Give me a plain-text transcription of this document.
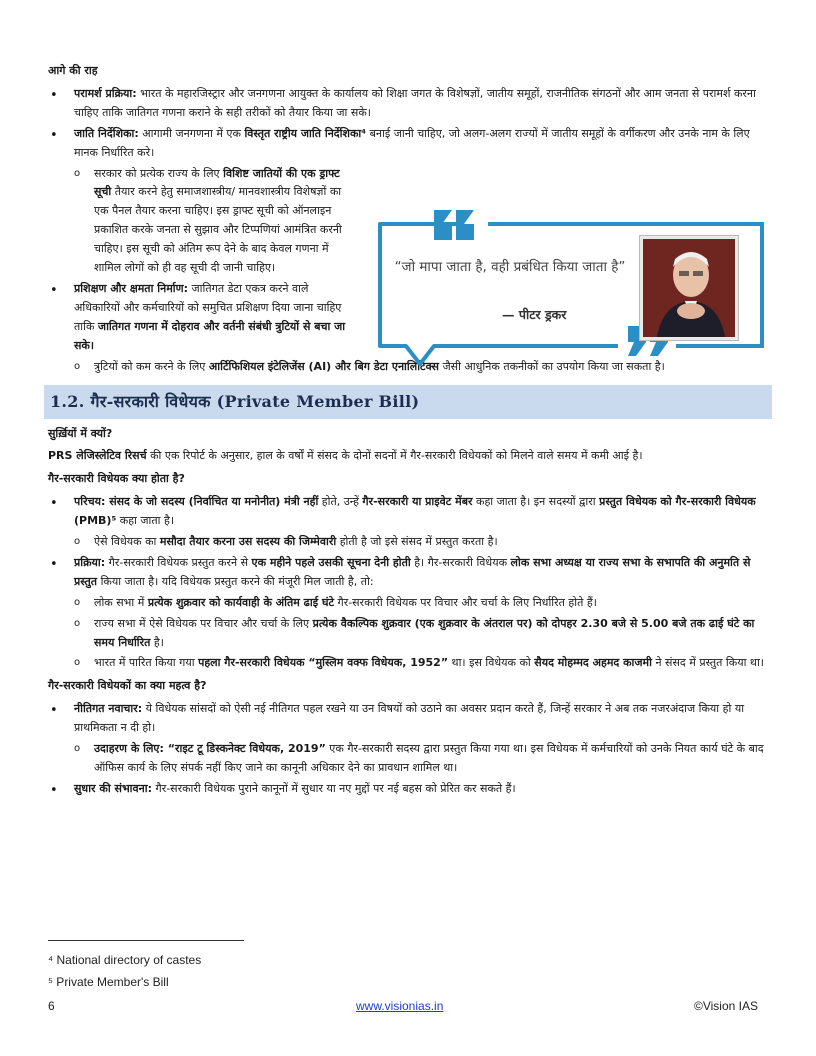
आगे की राह
• परामर्श प्रक्रिया: भारत के महारजिस्ट्रार और जनगणना आयुक्त के कार्यालय को शिक्षा जगत के विशेषज्ञों, जातीय समूहों, राजनीतिक संगठनों और आम जनता से परामर्श करना चाहिए ताकि जातिगत गणना कराने के सही तरीकों को तैयार किया जा सके।
• जाति निर्देशिका: आगामी जनगणना में एक विस्तृत राष्ट्रीय जाति निर्देशिका⁴ बनाई जानी चाहिए, जो अलग-अलग राज्यों में जातीय समूहों के वर्गीकरण और उनके नाम के लिए मानक निर्धारित करे।
o सरकार को प्रत्येक राज्य के लिए विशिष्ट जातियों की एक ड्राफ्ट सूची तैयार करने हेतु समाजशास्त्रीय/ मानवशास्त्रीय विशेषज्ञों का एक पैनल तैयार करना चाहिए। इस ड्राफ्ट सूची को ऑनलाइन प्रकाशित करके जनता से सुझाव और टिप्पणियां आमंत्रित करनी चाहिए। इस सूची को अंतिम रूप देने के बाद केवल गणना में शामिल लोगों को ही वह सूची दी जानी चाहिए।
• प्रशिक्षण और क्षमता निर्माण: जातिगत डेटा एकत्र करने वाले अधिकारियों और कर्मचारियों को समुचित प्रशिक्षण दिया जाना चाहिए ताकि जातिगत गणना में दोहराव और वर्तनी संबंधी त्रुटियों से बचा जा सके।
o त्रुटियों को कम करने के लिए आर्टिफिशियल इंटेलिजेंस (AI) और बिग डेटा एनालिटिक्स जैसी आधुनिक तकनीकों का उपयोग किया जा सकता है।
1.2. गैर-सरकारी विधेयक (Private Member Bill)
सुर्ख़ियों में क्यों?
PRS लेजिस्लेटिव रिसर्च की एक रिपोर्ट के अनुसार, हाल के वर्षों में संसद के दोनों सदनों में गैर-सरकारी विधेयकों को मिलने वाले समय में कमी आई है।
गैर-सरकारी विधेयक क्या होता है?
• परिचय: संसद के जो सदस्य (निर्वाचित या मनोनीत) मंत्री नहीं होते, उन्हें गैर-सरकारी या प्राइवेट मेंबर कहा जाता है। इन सदस्यों द्वारा प्रस्तुत विधेयक को गैर-सरकारी विधेयक (PMB)⁵ कहा जाता है।
o ऐसे विधेयक का मसौदा तैयार करना उस सदस्य की जिम्मेवारी होती है जो इसे संसद में प्रस्तुत करता है।
• प्रक्रिया: गैर-सरकारी विधेयक प्रस्तुत करने से एक महीने पहले उसकी सूचना देनी होती है। गैर-सरकारी विधेयक लोक सभा अध्यक्ष या राज्य सभा के सभापति की अनुमति से प्रस्तुत किया जाता है। यदि विधेयक प्रस्तुत करने की मंजूरी मिल जाती है, तो:
o लोक सभा में प्रत्येक शुक्रवार को कार्यवाही के अंतिम ढाई घंटे गैर-सरकारी विधेयक पर विचार और चर्चा के लिए निर्धारित होते हैं।
o राज्य सभा में ऐसे विधेयक पर विचार और चर्चा के लिए प्रत्येक वैकल्पिक शुक्रवार (एक शुक्रवार के अंतराल पर) को दोपहर 2.30 बजे से 5.00 बजे तक ढाई घंटे का समय निर्धारित है।
o भारत में पारित किया गया पहला गैर-सरकारी विधेयक “मुस्लिम वक्फ विधेयक, 1952” था। इस विधेयक को सैयद मोहम्मद अहमद काजमी ने संसद में प्रस्तुत किया था।
गैर-सरकारी विधेयकों का क्या महत्व है?
• नीतिगत नवाचार: ये विधेयक सांसदों को ऐसी नई नीतिगत पहल रखने या उन विषयों को उठाने का अवसर प्रदान करते हैं, जिन्हें सरकार ने अब तक नजरअंदाज किया हो या प्राथमिकता न दी हो।
o उदाहरण के लिए: “राइट टू डिस्कनेक्ट विधेयक, 2019” एक गैर-सरकारी सदस्य द्वारा प्रस्तुत किया गया था। इस विधेयक में कर्मचारियों को उनके नियत कार्य घंटे के बाद ऑफिस कार्य के लिए संपर्क नहीं किए जाने का कानूनी अधिकार देने का प्रावधान शामिल था।
• सुधार की संभावना: गैर-सरकारी विधेयक पुराने कानूनों में सुधार या नए मुद्दों पर नई बहस को प्रेरित कर सकते हैं।
“जो मापा जाता है, वही प्रबंधित किया जाता है”
— पीटर ड्रकर
⁴ National directory of castes
⁵ Private Member's Bill
6	www.visionias.in	©Vision IAS
